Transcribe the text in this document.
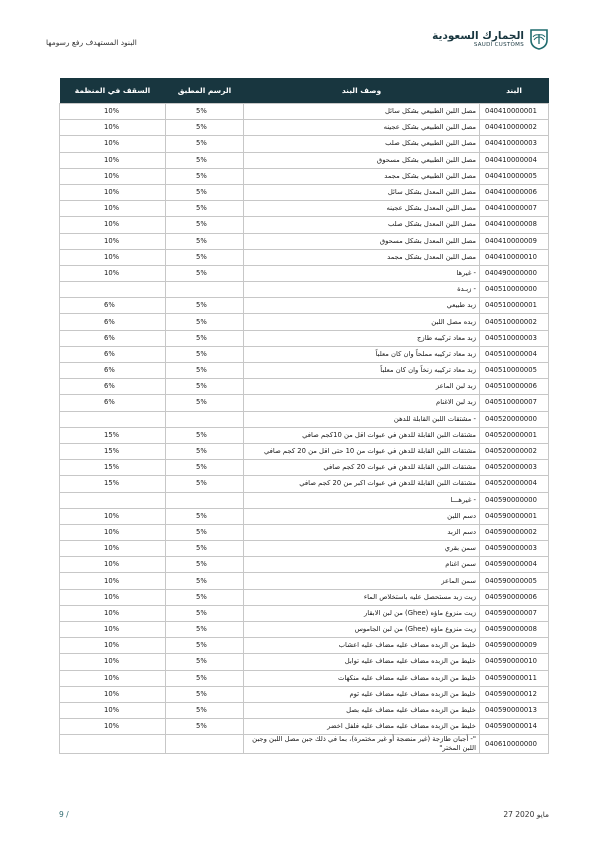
الجمارك السعودية
SAUDI CUSTOMS
البنود المستهدف رفع رسومها
السقف في المنظمة	الرسم المطبق	وصف البند	البند
10%	5%	مصل اللبن الطبيعي بشكل سائل	040410000001
10%	5%	مصل اللبن الطبيعي بشكل عجينه	040410000002
10%	5%	مصل اللبن الطبيعي بشكل صلب	040410000003
10%	5%	مصل اللبن الطبيعي بشكل مسحوق	040410000004
10%	5%	مصل اللبن الطبيعي بشكل مجمد	040410000005
10%	5%	مصل اللبن المعدل بشكل سائل	040410000006
10%	5%	مصل اللبن المعدل بشكل عجينه	040410000007
10%	5%	مصل اللبن المعدل بشكل صلب	040410000008
10%	5%	مصل اللبن المعدل بشكل مسحوق	040410000009
10%	5%	مصل اللبن المعدل بشكل مجمد	040410000010
10%	5%	- غيرها	040490000000
		- زبـدة	040510000000
6%	5%	زبد طبيعي	040510000001
6%	5%	زبده مصل اللبن	040510000002
6%	5%	زبد معاد تركيبه طازج	040510000003
6%	5%	زبد معاد تركيبه مملحاً وان كان معلباً	040510000004
6%	5%	زبد معاد تركيبه زنخاً وان كان معلباً	040510000005
6%	5%	زبد لبن الماعز	040510000006
6%	5%	زبد لبن الاغنام	040510000007
		- مشتقات اللبن القابلة للدهن	040520000000
15%	5%	مشتقات اللبن القابلة للدهن في عبوات اقل من 10كجم صافي	040520000001
15%	5%	مشتقات اللبن القابلة للدهن في عبوات من 10 حتى اقل من 20 كجم صافي	040520000002
15%	5%	مشتقات اللبن القابلة للدهن في عبوات 20 كجم صافي	040520000003
15%	5%	مشتقات اللبن القابلة للدهن في عبوات اكبر من 20 كجم صافي	040520000004
		- غيرهـــا	040590000000
10%	5%	دسم اللبن	040590000001
10%	5%	دسم الزبد	040590000002
10%	5%	سمن بقري	040590000003
10%	5%	سمن اغنام	040590000004
10%	5%	سمن الماعز	040590000005
10%	5%	زيت زبد مستحصل عليه باستخلاص الماء	040590000006
10%	5%	زيت منزوع ماؤه (Ghee) من لبن الابقار	040590000007
10%	5%	زيت منزوع ماؤه (Ghee) من لبن الجاموس	040590000008
10%	5%	خليط من الزبده مضاف عليه مضاف عليه اعشاب	040590000009
10%	5%	خليط من الزبده مضاف عليه مضاف عليه توابل	040590000010
10%	5%	خليط من الزبده مضاف عليه مضاف عليه منكهات	040590000011
10%	5%	خليط من الزبده مضاف عليه مضاف عليه ثوم	040590000012
10%	5%	خليط من الزبده مضاف عليه مضاف عليه بصل	040590000013
10%	5%	خليط من الزبده مضاف عليه مضاف عليه فلفل اخضر	040590000014
		"- أجبان طازجة (غير منضجة أو غير مختمرة)، بما في ذلك جبن مصل اللبن وجبن اللبن المختر"	040610000000
9 /	27 مايو 2020
